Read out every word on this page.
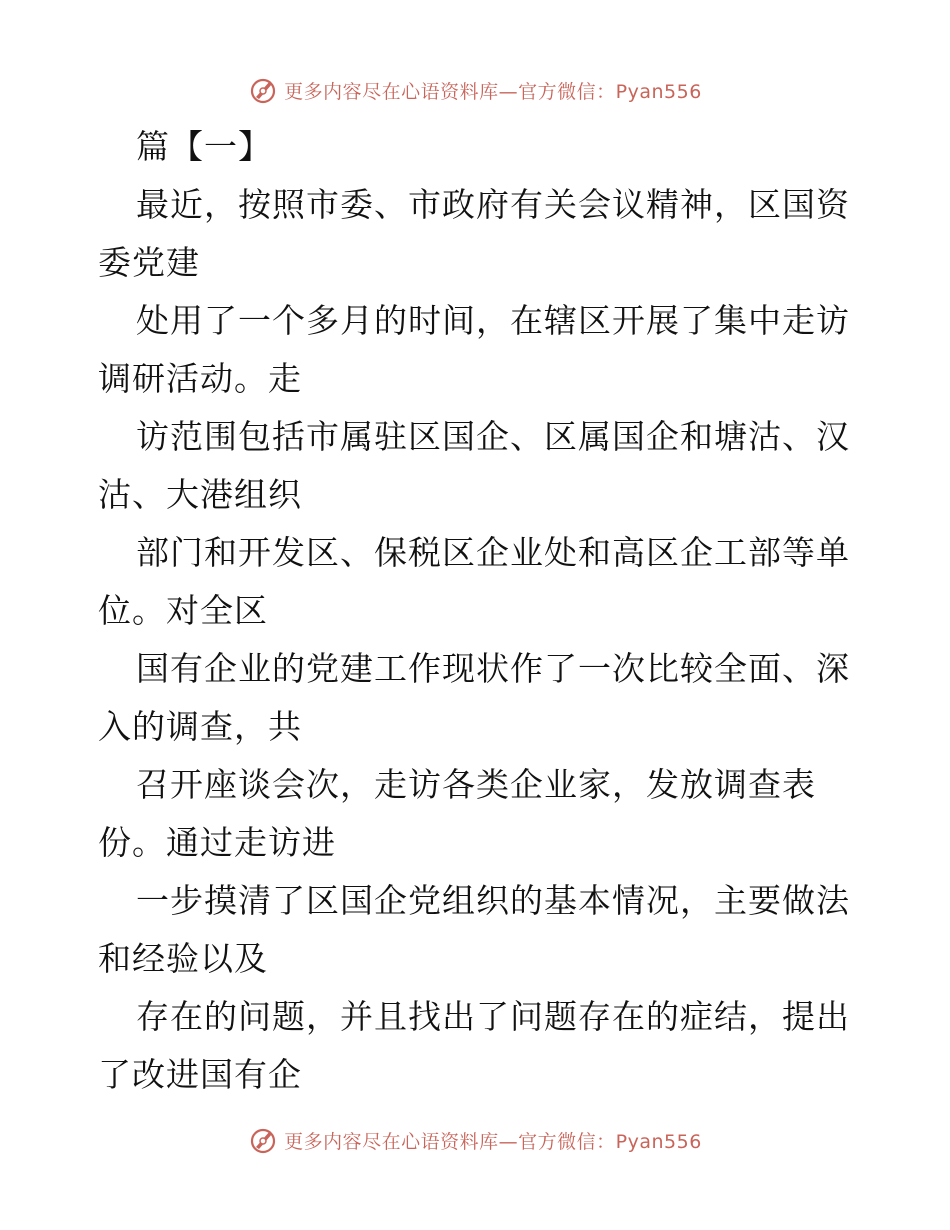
更多内容尽在心语资料库—官方微信：Pyan556
篇【一】
最近，按照市委、市政府有关会议精神，区国资
委党建
处用了一个多月的时间，在辖区开展了集中走访
调研活动。走
访范围包括市属驻区国企、区属国企和塘沽、汉
沽、大港组织
部门和开发区、保税区企业处和高区企工部等单
位。对全区
国有企业的党建工作现状作了一次比较全面、深
入的调查，共
召开座谈会次，走访各类企业家，发放调查表
份。通过走访进
一步摸清了区国企党组织的基本情况，主要做法
和经验以及
存在的问题，并且找出了问题存在的症结，提出
了改进国有企
更多内容尽在心语资料库—官方微信：Pyan556
